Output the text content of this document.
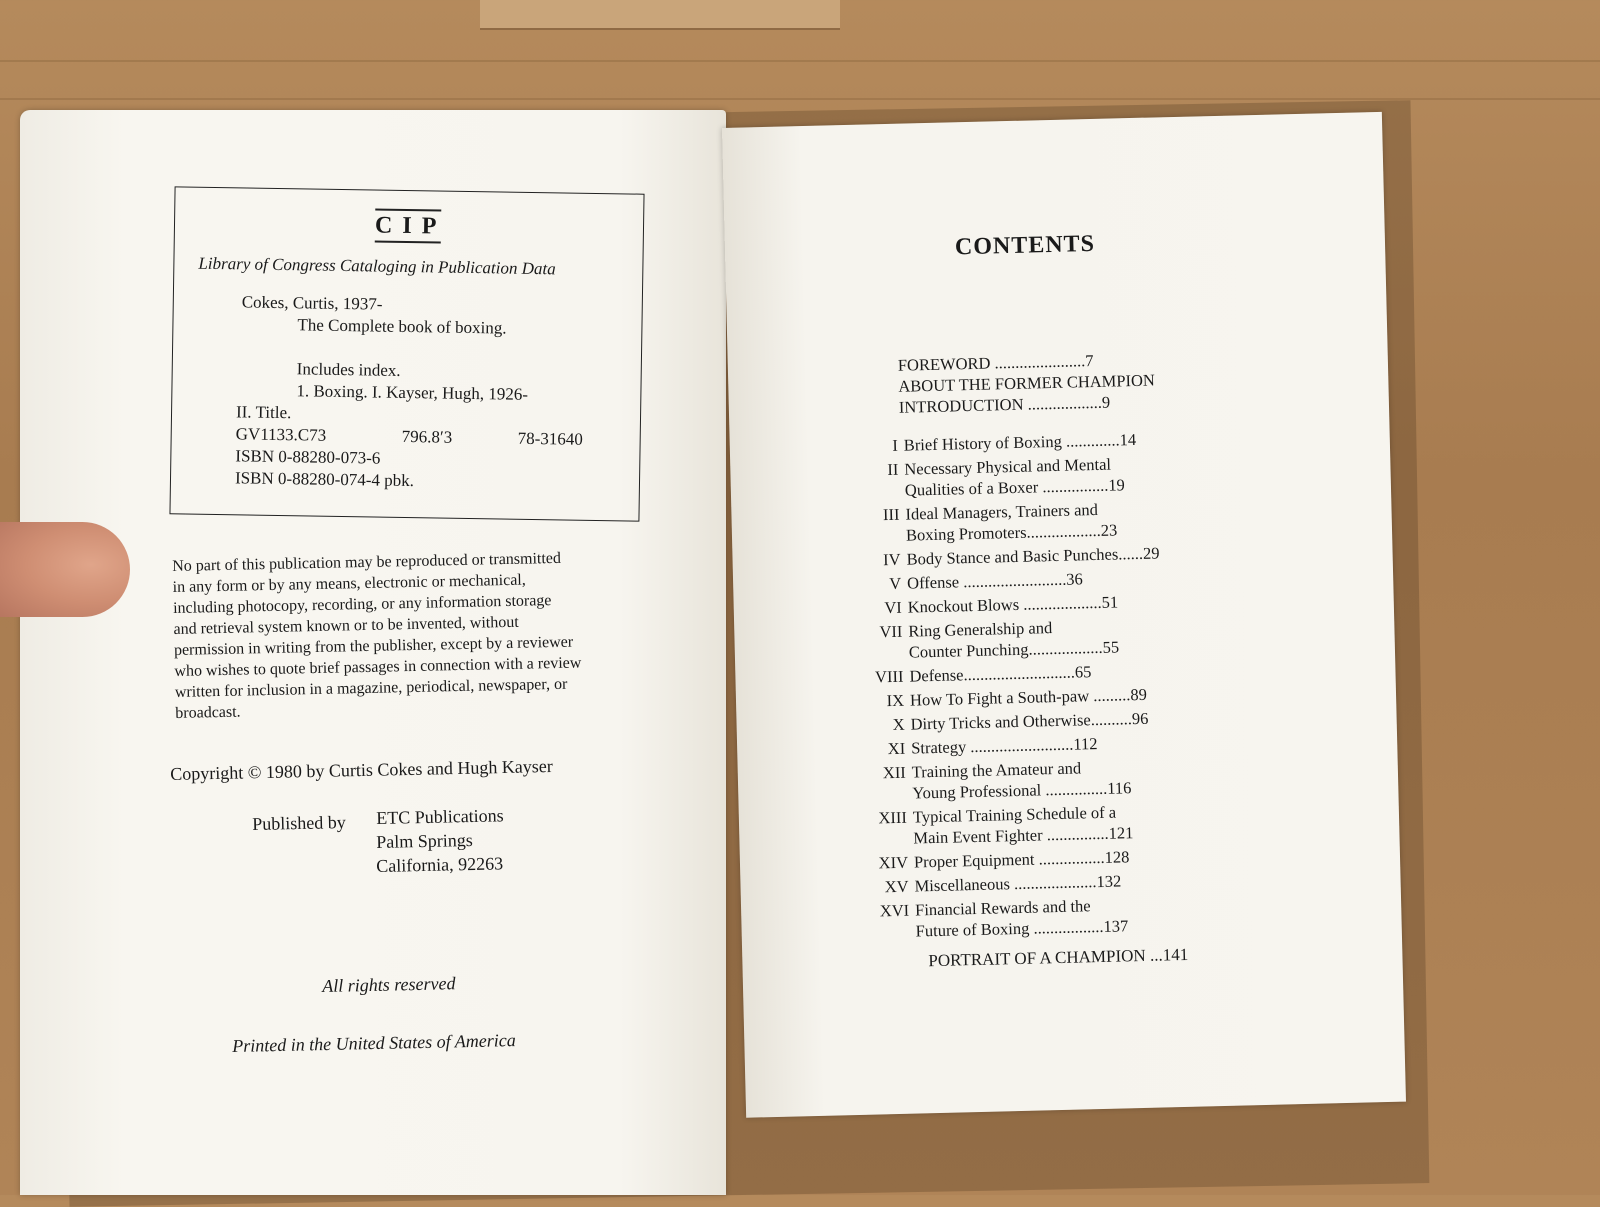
CIP
Library of Congress Cataloging in Publication Data
Cokes, Curtis, 1937-
The Complete book of boxing.
Includes index.
1. Boxing. I. Kayser, Hugh, 1926-
II. Title.
GV1133.C73	796.8′3	78-31640
ISBN 0-88280-073-6
ISBN 0-88280-074-4 pbk.
No part of this publication may be reproduced or transmitted
in any form or by any means, electronic or mechanical,
including photocopy, recording, or any information storage
and retrieval system known or to be invented, without
permission in writing from the publisher, except by a reviewer
who wishes to quote brief passages in connection with a review
written for inclusion in a magazine, periodical, newspaper, or
broadcast.
Copyright © 1980 by Curtis Cokes and Hugh Kayser
Published by ETC Publications
Palm Springs
California, 92263
All rights reserved
Printed in the United States of America
CONTENTS
FOREWORD ......................7
ABOUT THE FORMER CHAMPION
INTRODUCTION ..................9
I Brief History of Boxing .............14
II Necessary Physical and Mental
Qualities of a Boxer ................19
III Ideal Managers, Trainers and
Boxing Promoters..................23
IV Body Stance and Basic Punches......29
V Offense .........................36
VI Knockout Blows ...................51
VII Ring Generalship and
Counter Punching..................55
VIII Defense...........................65
IX How To Fight a South-paw .........89
X Dirty Tricks and Otherwise..........96
XI Strategy .........................112
XII Training the Amateur and
Young Professional ...............116
XIII Typical Training Schedule of a
Main Event Fighter ...............121
XIV Proper Equipment ................128
XV Miscellaneous ....................132
XVI Financial Rewards and the
Future of Boxing .................137
PORTRAIT OF A CHAMPION ...141
